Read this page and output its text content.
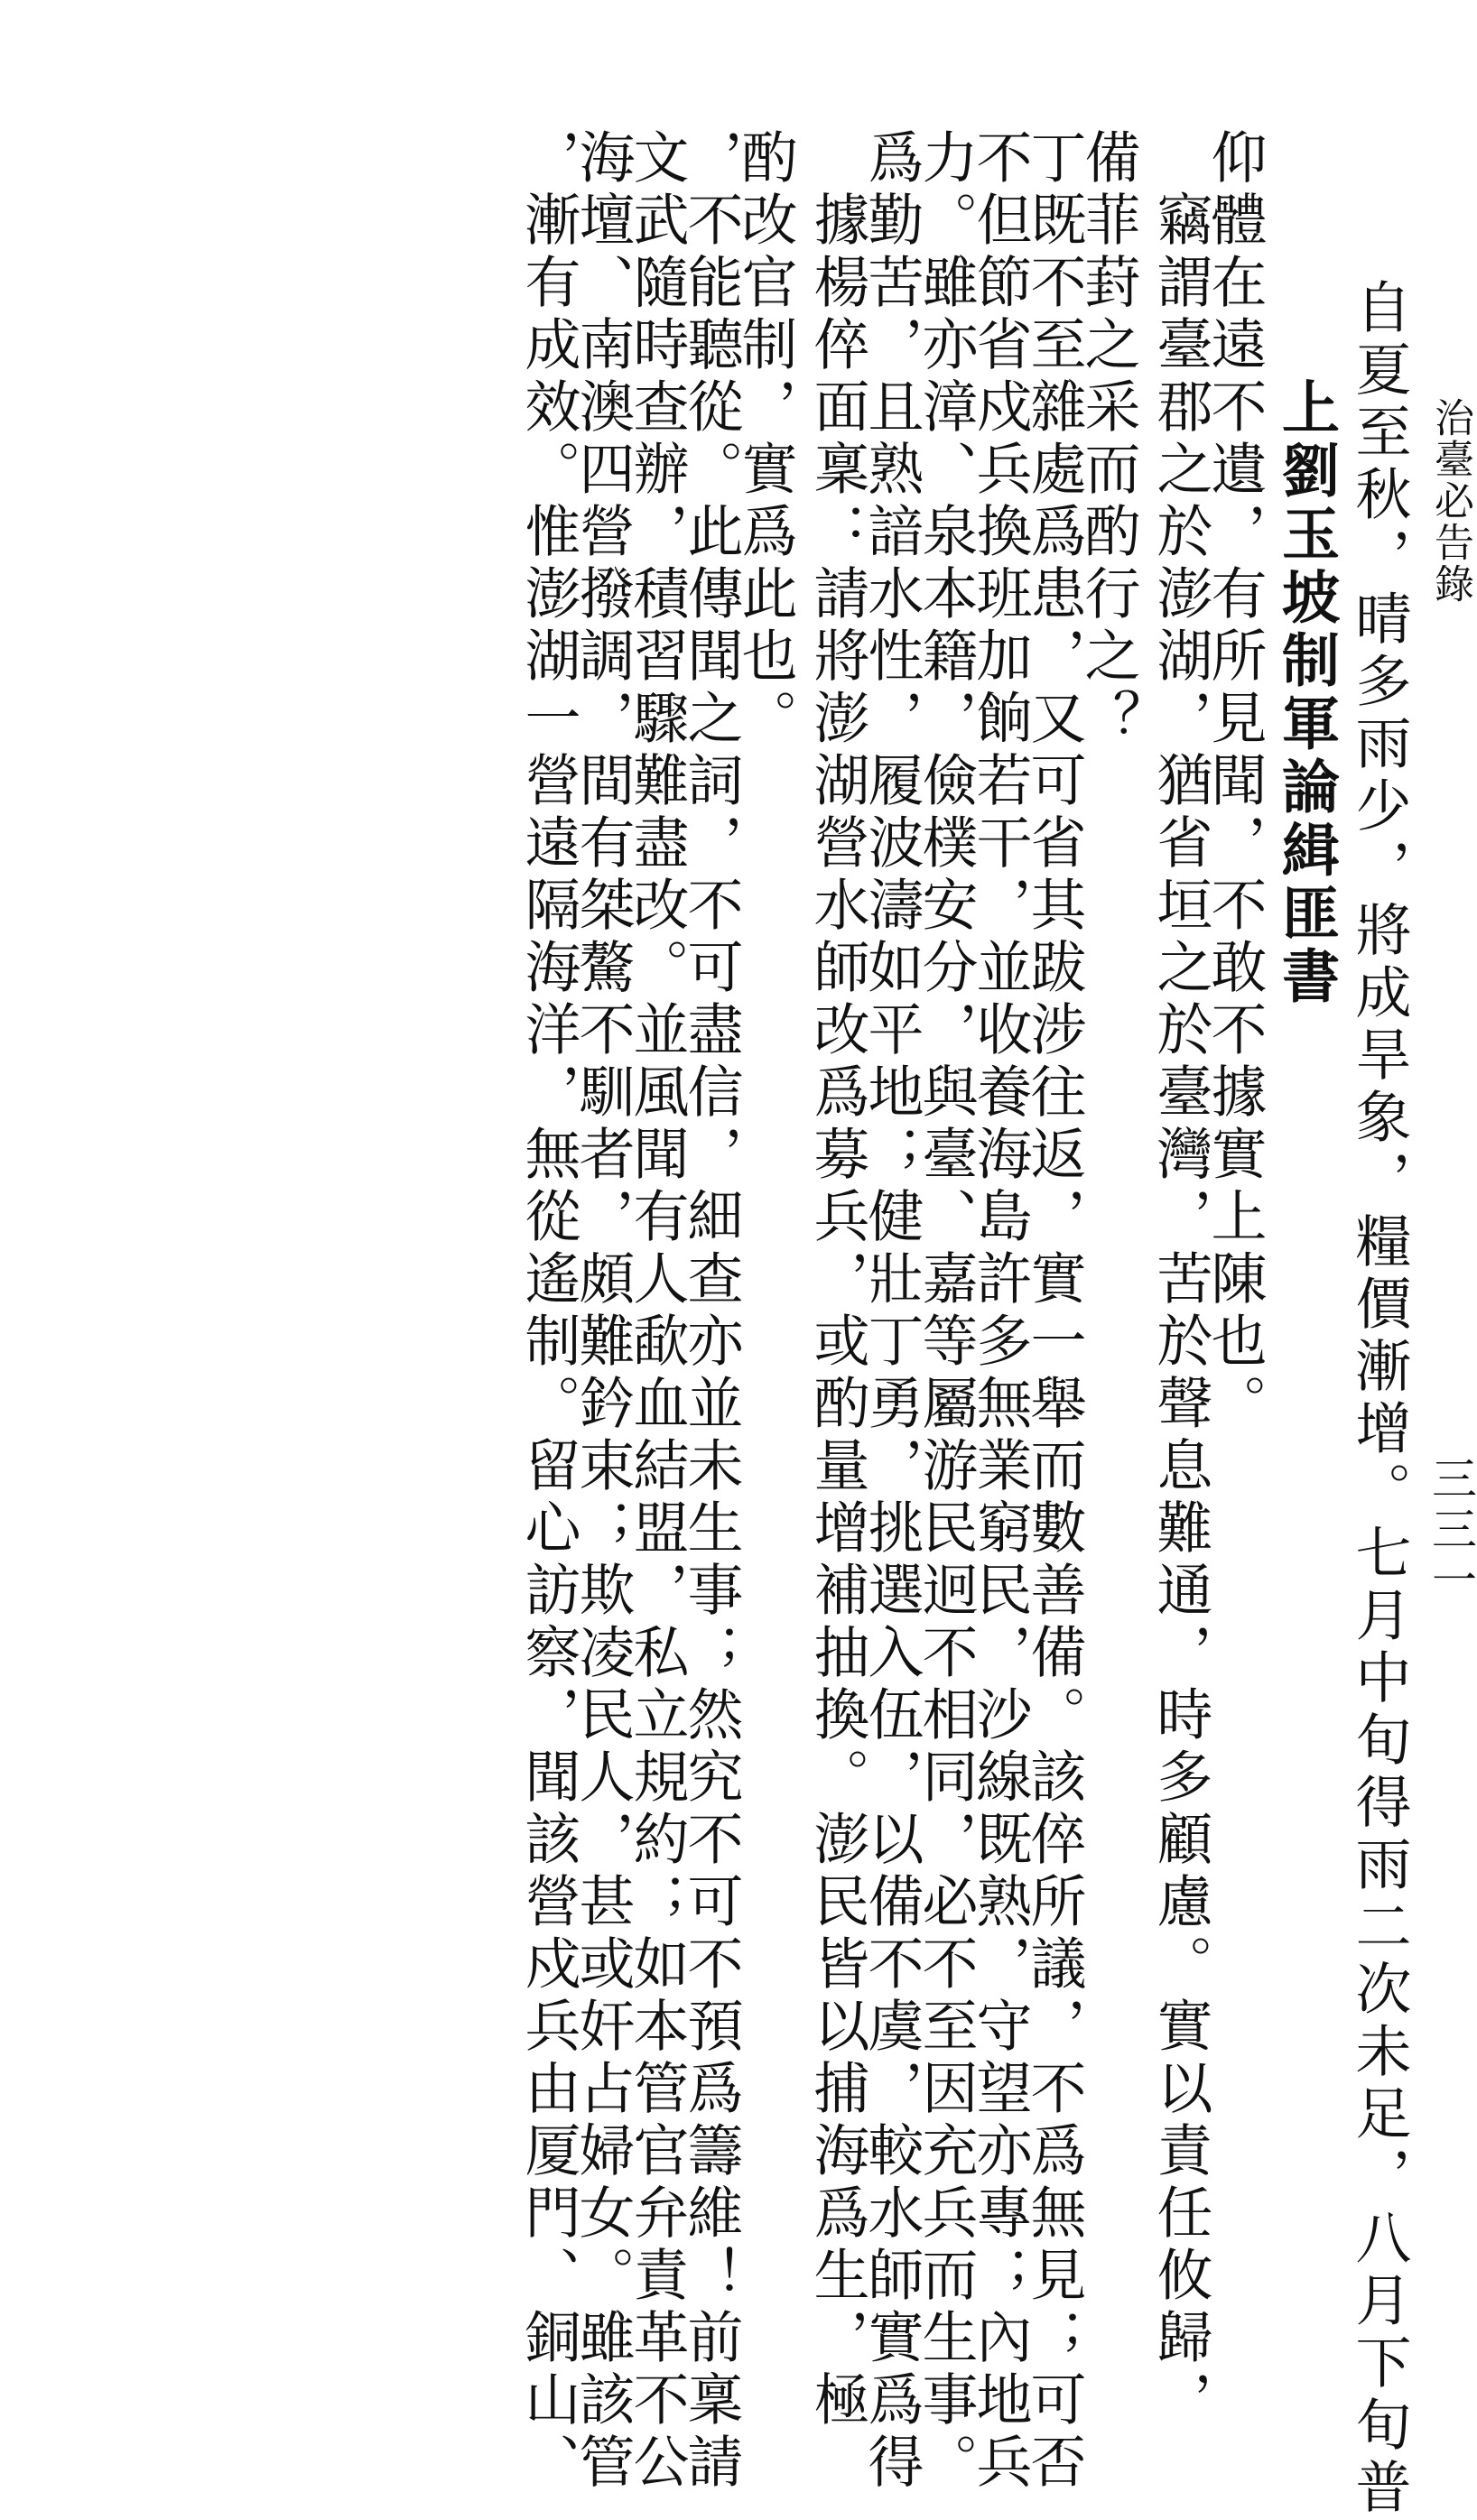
，漸有成效。惟澎湖一營遠隔海洋，無從遙制。留心訪察，聞該營戍兵由厦門、銅山、
海壇、南澳四營撥調，間有桀驁不馴者，頗難鈐束；欺凌民人，甚或奸占婦女。雖該管
文武隨時查辦，積習驟難盡改。並風聞有人歃血結盟，私立規約；如本管官弁責革不公
，不能聽從。此傳聞之詞，不可盡信，細查亦並未生事；然究不可不預爲籌維！前稟請
酌改官制，實爲此也。 　據楊倅面稟：請將澎湖營水師改爲募兵，或酌量增補抽換。澎民皆以捕海爲生，極
爲勤苦，且熟諳水性，履波濤如平地；健壯丁勇，挑選入伍，以備不虞，較水師實爲得
力。雖亦漳、泉本籍，儉樸安分，與臺、嘉等屬游民迥不相同，必不至因充兵而生事。
不但節省戍兵換班加餉若干，並收養海島許多無業窮民，沙線既熟，守望亦專；內地兵
丁既不至雜處爲患，又可省其跋涉往返，實一舉而數善備。該倅所議，不爲無見；可否
備菲葑之采而酌行之？ 　竊謂臺郡之於澎湖，猶省垣之於臺灣，苦於聲息難通，時多顧慮。實以責任攸歸，
仰體在遠不遺，有所見聞，不敢不據實上陳也。 上劉玉坡制軍論緝匪書 自夏至秋，晴多雨少，將成旱象，糧價漸增。七月中旬得雨二次未足，八月下旬普 治臺必告錄
三三一
